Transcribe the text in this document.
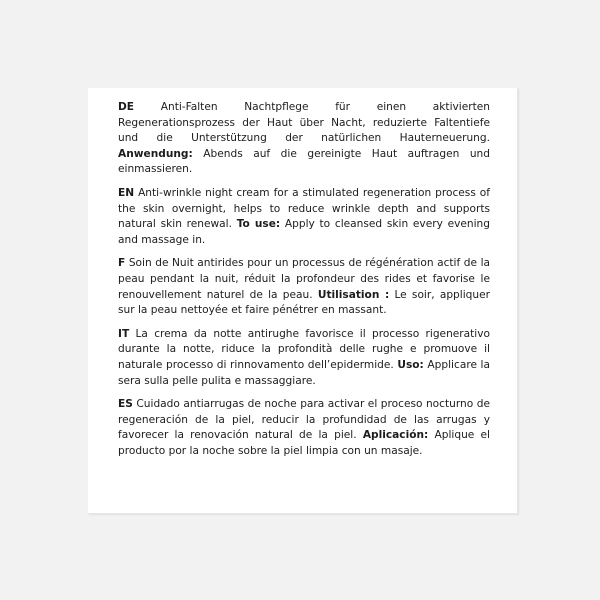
DE	Anti-Falten Nachtpflege für einen aktivierten Regenerationsprozess der Haut über Nacht, reduzierte Faltentiefe und die Unterstützung der natürlichen Hauterneuerung. Anwendung: Abends auf die gereinigte Haut auftragen und einmassieren.

EN Anti-wrinkle night cream for a stimulated regeneration process of the skin overnight, helps to reduce wrinkle depth and supports natural skin renewal. To use: Apply to cleansed skin every evening and massage in.

F Soin de Nuit antirides pour un processus de régénération actif de la peau pendant la nuit, réduit la profondeur des rides et favorise le renouvellement naturel de la peau. Utilisation : Le soir, appliquer sur la peau nettoyée et faire pénétrer en massant.

IT La crema da notte antirughe favorisce il processo rigenerativo durante la notte, riduce la profondità delle rughe e promuove il naturale processo di rinnovamento dell’epidermide. Uso: Applicare la sera sulla pelle pulita e massaggiare.

ES Cuidado antiarrugas de noche para activar el proceso nocturno de regeneración de la piel, reducir la profundidad de las arrugas y favorecer la renovación natural de la piel. Aplicación: Aplique el producto por la noche sobre la piel limpia con un masaje.
